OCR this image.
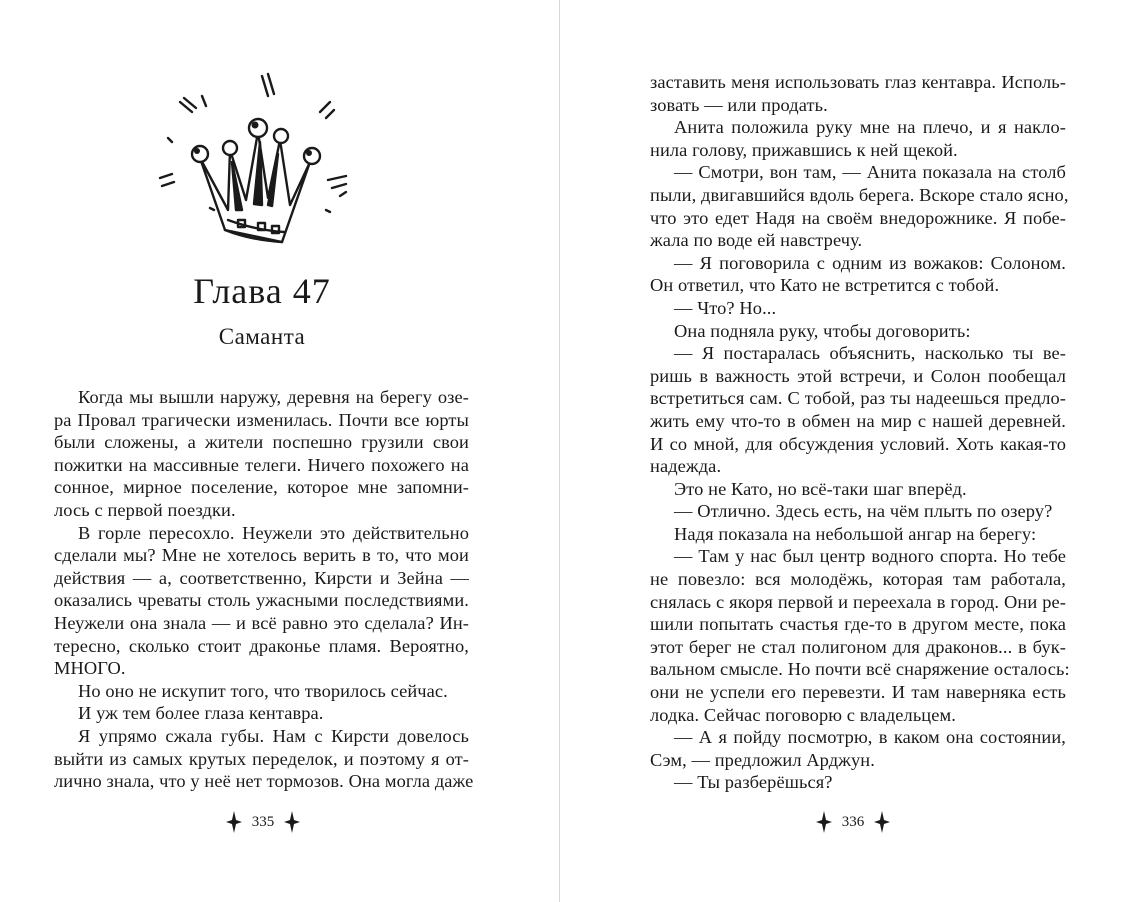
Глава 47
Саманта
Когда мы вышли наружу, деревня на берегу озе-
ра Провал трагически изменилась. Почти все юрты
были сложены, а жители поспешно грузили свои
пожитки на массивные телеги. Ничего похожего на
сонное, мирное поселение, которое мне запомни-
лось с первой поездки.
В горле пересохло. Неужели это действительно
сделали мы? Мне не хотелось верить в то, что мои
действия — а, соответственно, Кирсти и Зейна —
оказались чреваты столь ужасными последствиями.
Неужели она знала — и всё равно это сделала? Ин-
тересно, сколько стоит драконье пламя. Вероятно,
МНОГО.
Но оно не искупит того, что творилось сейчас.
И уж тем более глаза кентавра.
Я упрямо сжала губы. Нам с Кирсти довелось
выйти из самых крутых переделок, и поэтому я от-
лично знала, что у неё нет тормозов. Она могла даже
335
заставить меня использовать глаз кентавра. Исполь-
зовать — или продать.
Анита положила руку мне на плечо, и я накло-
нила голову, прижавшись к ней щекой.
— Смотри, вон там, — Анита показала на столб
пыли, двигавшийся вдоль берега. Вскоре стало ясно,
что это едет Надя на своём внедорожнике. Я побе-
жала по воде ей навстречу.
— Я поговорила с одним из вожаков: Солоном.
Он ответил, что Като не встретится с тобой.
— Что? Но...
Она подняла руку, чтобы договорить:
— Я постаралась объяснить, насколько ты ве-
ришь в важность этой встречи, и Солон пообещал
встретиться сам. С тобой, раз ты надеешься предло-
жить ему что-то в обмен на мир с нашей деревней.
И со мной, для обсуждения условий. Хоть какая-то
надежда.
Это не Като, но всё-таки шаг вперёд.
— Отлично. Здесь есть, на чём плыть по озеру?
Надя показала на небольшой ангар на берегу:
— Там у нас был центр водного спорта. Но тебе
не повезло: вся молодёжь, которая там работала,
снялась с якоря первой и переехала в город. Они ре-
шили попытать счастья где-то в другом месте, пока
этот берег не стал полигоном для драконов... в бук-
вальном смысле. Но почти всё снаряжение осталось:
они не успели его перевезти. И там наверняка есть
лодка. Сейчас поговорю с владельцем.
— А я пойду посмотрю, в каком она состоянии,
Сэм, — предложил Арджун.
— Ты разберёшься?
336
